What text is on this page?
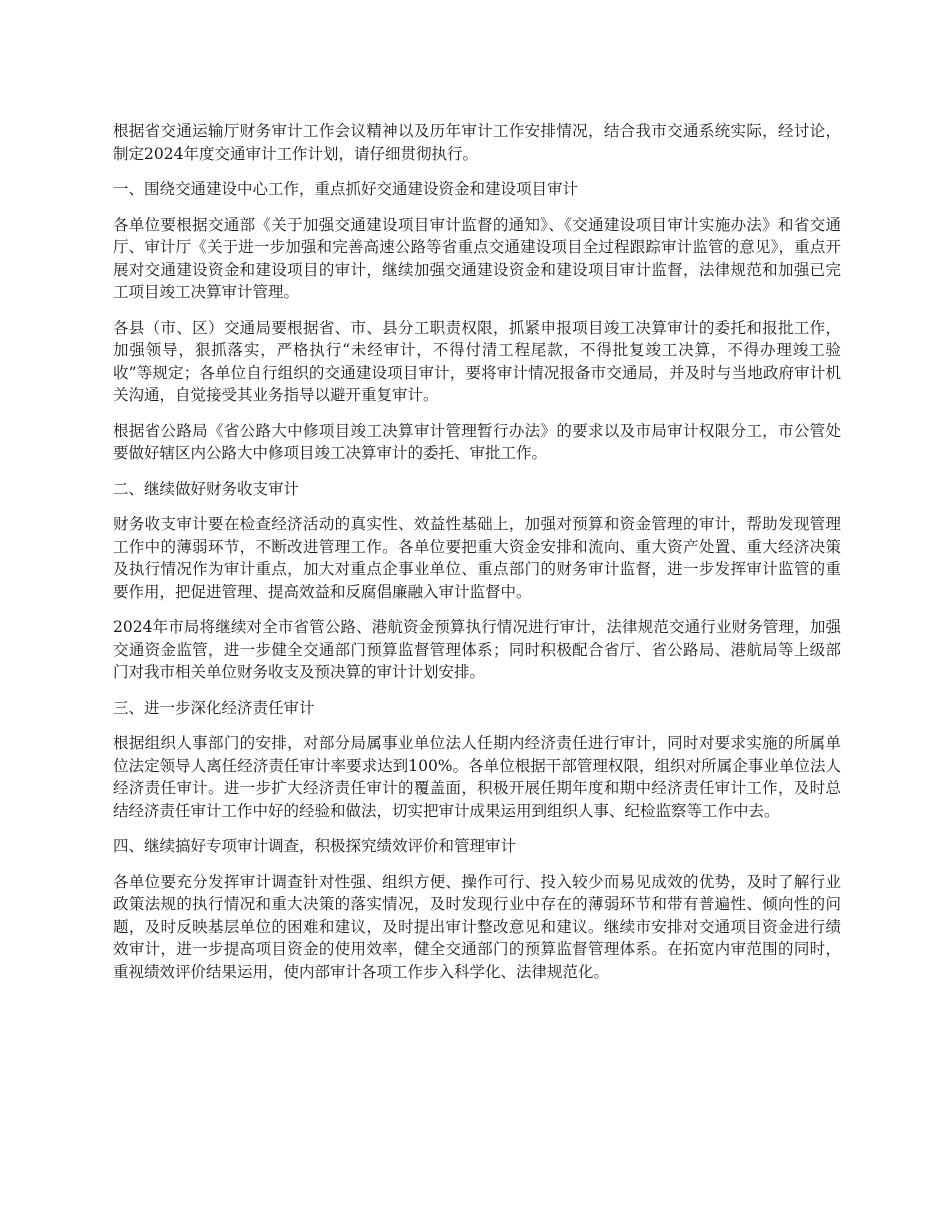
根据省交通运输厅财务审计工作会议精神以及历年审计工作安排情况，结合我市交通系统实际，经讨论，制定2024年度交通审计工作计划，请仔细贯彻执行。

一、围绕交通建设中心工作，重点抓好交通建设资金和建设项目审计

各单位要根据交通部《关于加强交通建设项目审计监督的通知》、《交通建设项目审计实施办法》和省交通厅、审计厅《关于进一步加强和完善高速公路等省重点交通建设项目全过程跟踪审计监管的意见》，重点开展对交通建设资金和建设项目的审计，继续加强交通建设资金和建设项目审计监督，法律规范和加强已完工项目竣工决算审计管理。

各县（市、区）交通局要根据省、市、县分工职责权限，抓紧申报项目竣工决算审计的委托和报批工作，加强领导，狠抓落实，严格执行“未经审计，不得付清工程尾款，不得批复竣工决算，不得办理竣工验收”等规定；各单位自行组织的交通建设项目审计，要将审计情况报备市交通局，并及时与当地政府审计机关沟通，自觉接受其业务指导以避开重复审计。

根据省公路局《省公路大中修项目竣工决算审计管理暂行办法》的要求以及市局审计权限分工，市公管处要做好辖区内公路大中修项目竣工决算审计的委托、审批工作。

二、继续做好财务收支审计

财务收支审计要在检查经济活动的真实性、效益性基础上，加强对预算和资金管理的审计，帮助发现管理工作中的薄弱环节，不断改进管理工作。各单位要把重大资金安排和流向、重大资产处置、重大经济决策及执行情况作为审计重点，加大对重点企事业单位、重点部门的财务审计监督，进一步发挥审计监管的重要作用，把促进管理、提高效益和反腐倡廉融入审计监督中。

2024年市局将继续对全市省管公路、港航资金预算执行情况进行审计，法律规范交通行业财务管理，加强交通资金监管，进一步健全交通部门预算监督管理体系；同时积极配合省厅、省公路局、港航局等上级部门对我市相关单位财务收支及预决算的审计计划安排。

三、进一步深化经济责任审计

根据组织人事部门的安排，对部分局属事业单位法人任期内经济责任进行审计，同时对要求实施的所属单位法定领导人离任经济责任审计率要求达到100%。各单位根据干部管理权限，组织对所属企事业单位法人经济责任审计。进一步扩大经济责任审计的覆盖面，积极开展任期年度和期中经济责任审计工作，及时总结经济责任审计工作中好的经验和做法，切实把审计成果运用到组织人事、纪检监察等工作中去。

四、继续搞好专项审计调查，积极探究绩效评价和管理审计

各单位要充分发挥审计调查针对性强、组织方便、操作可行、投入较少而易见成效的优势，及时了解行业政策法规的执行情况和重大决策的落实情况，及时发现行业中存在的薄弱环节和带有普遍性、倾向性的问题，及时反映基层单位的困难和建议，及时提出审计整改意见和建议。继续市安排对交通项目资金进行绩效审计，进一步提高项目资金的使用效率，健全交通部门的预算监督管理体系。在拓宽内审范围的同时，重视绩效评价结果运用，使内部审计各项工作步入科学化、法律规范化。
